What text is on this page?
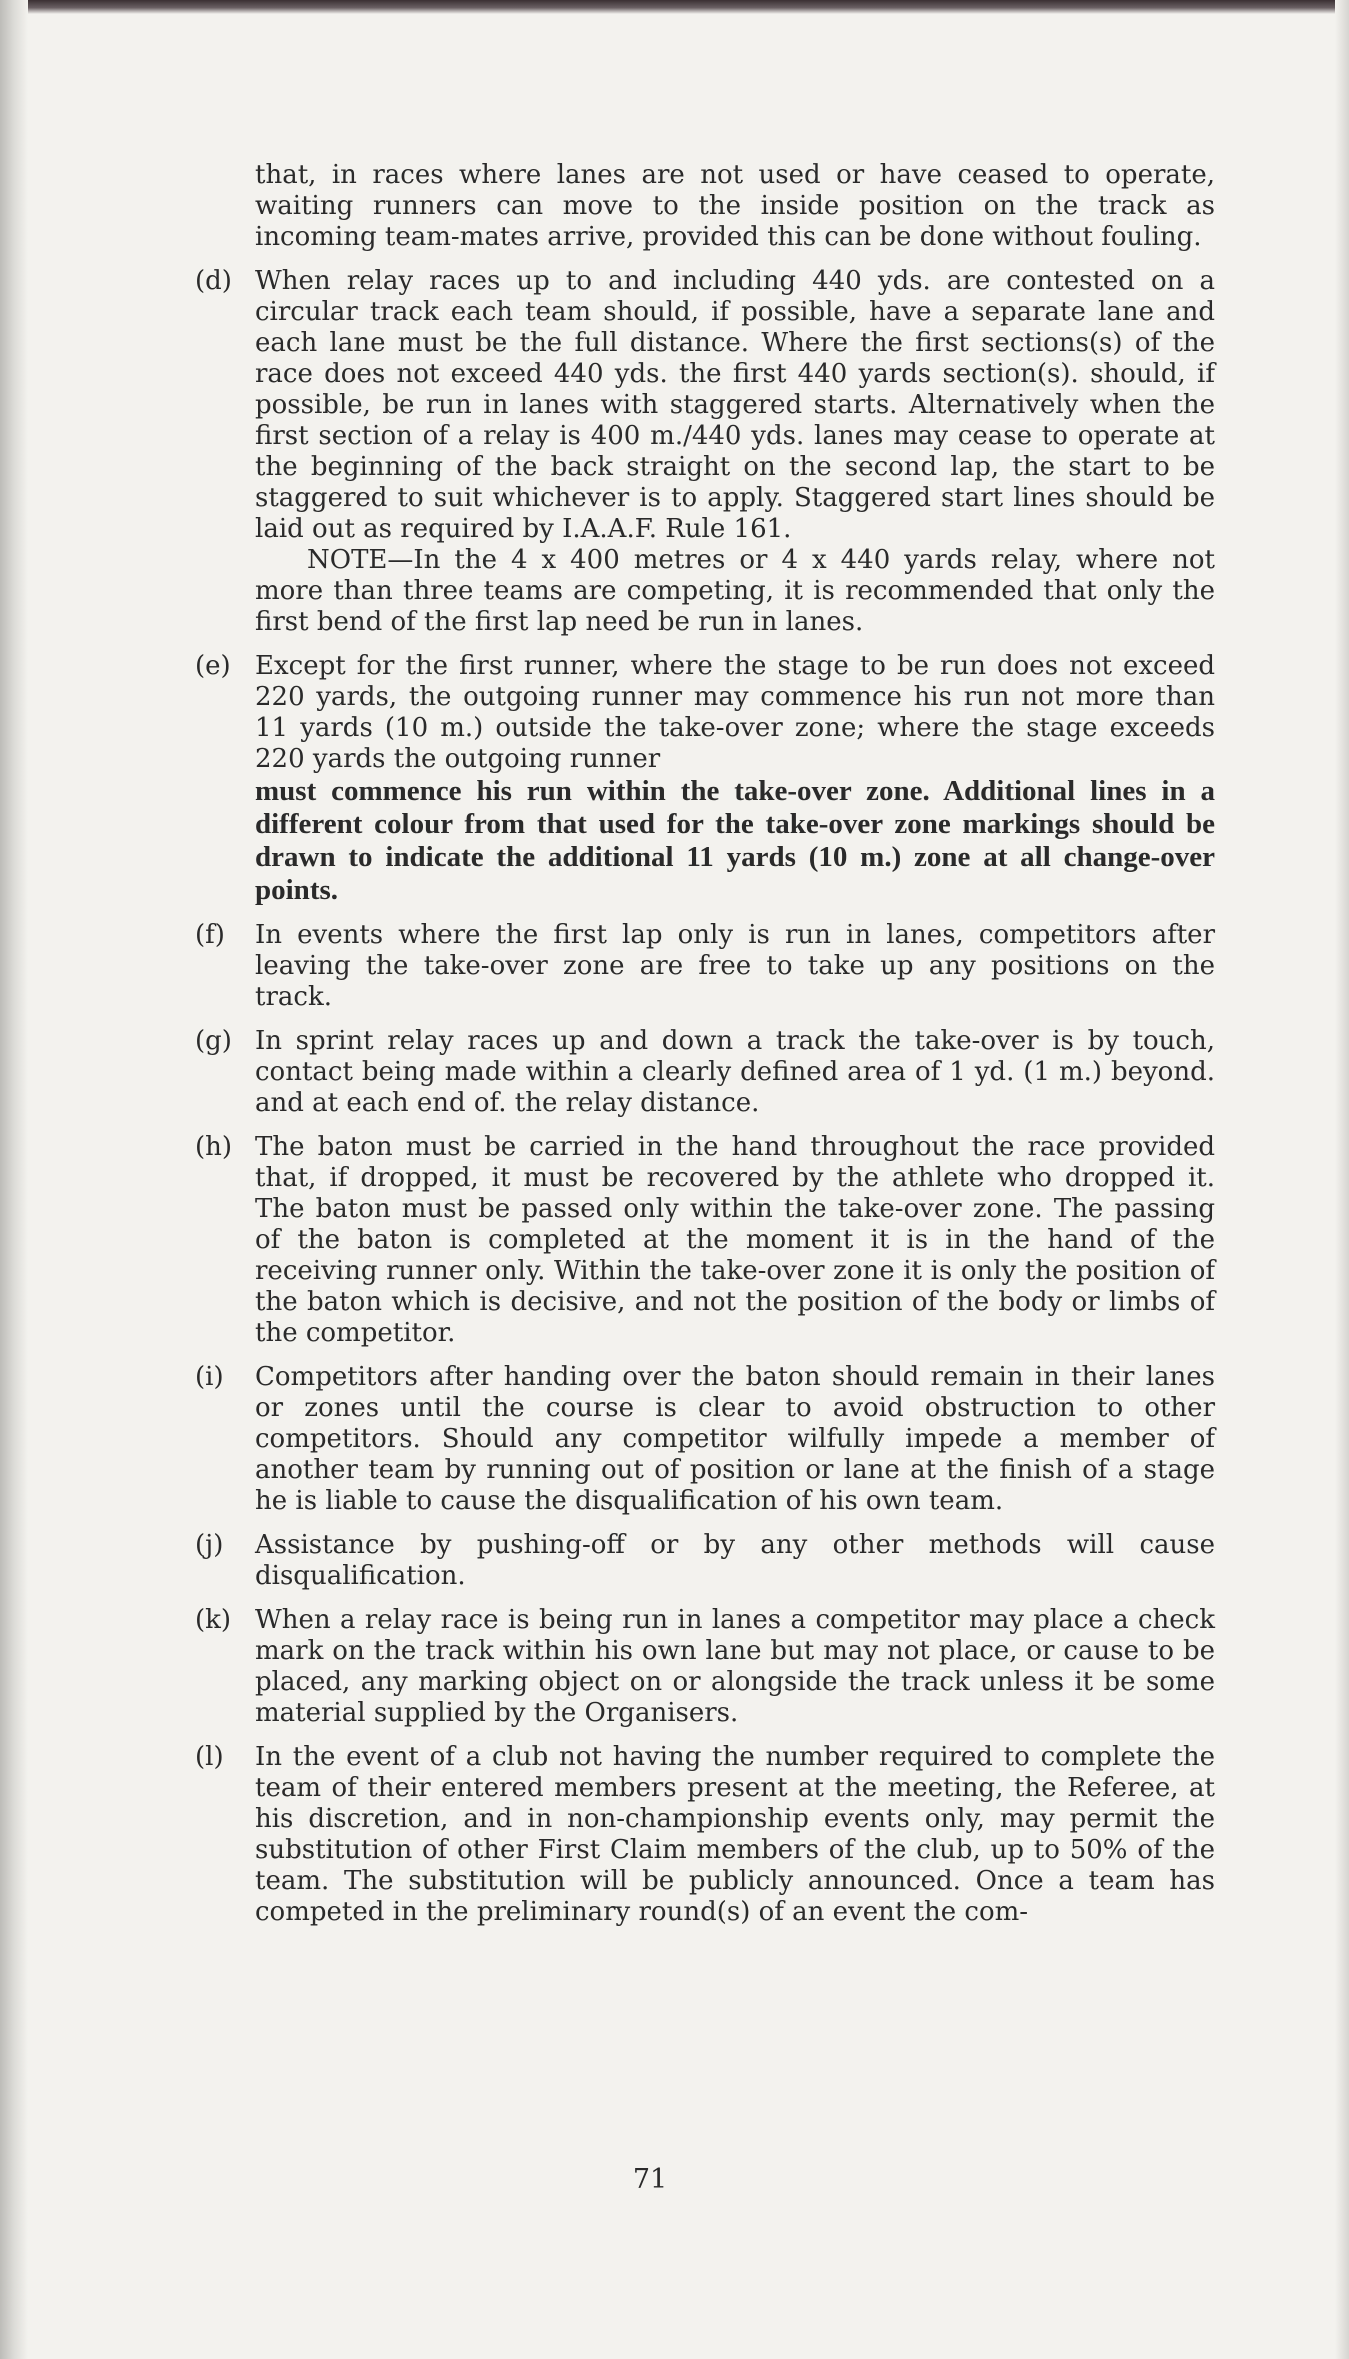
that, in races where lanes are not used or have ceased to operate, waiting runners can move to the inside position on the track as incoming team-mates arrive, provided this can be done without fouling.

(d) When relay races up to and including 440 yds. are contested on a circular track each team should, if possible, have a separate lane and each lane must be the full distance. Where the first sections(s) of the race does not exceed 440 yds. the first 440 yards section(s). should, if possible, be run in lanes with staggered starts. Alternatively when the first section of a relay is 400 m./440 yds. lanes may cease to operate at the beginning of the back straight on the second lap, the start to be staggered to suit whichever is to apply. Staggered start lines should be laid out as required by I.A.A.F. Rule 161.
NOTE—In the 4 x 400 metres or 4 x 440 yards relay, where not more than three teams are competing, it is recommended that only the first bend of the first lap need be run in lanes.
(e) Except for the first runner, where the stage to be run does not exceed 220 yards, the outgoing runner may commence his run not more than 11 yards (10 m.) outside the take-over zone; where the stage exceeds 220 yards the outgoing runner
must commence his run within the take-over zone. Additional lines in a different colour from that used for the take-over zone markings should be drawn to indicate the additional 11 yards (10 m.) zone at all change-over points.
(f)	In events where the first lap only is run in lanes, competitors after leaving the take-over zone are free to take up any positions on the track.
(g) In sprint relay races up and down a track the take-over is by touch, contact being made within a clearly defined area of 1 yd. (1 m.) beyond. and at each end of. the relay distance.
(h) The baton must be carried in the hand throughout the race provided that, if dropped, it must be recovered by the athlete who dropped it. The baton must be passed only within the take-over zone. The passing of the baton is completed at the moment it is in the hand of the receiving runner only. Within the take-over zone it is only the position of the baton which is decisive, and not the position of the body or limbs of the competitor.
(i)	Competitors after handing over the baton should remain in their lanes or zones until the course is clear to avoid obstruction to other competitors. Should any competitor wilfully impede a member of another team by running out of position or lane at the finish of a stage he is liable to cause the disqualification of his own team.
(j)	Assistance by pushing-off or by any other methods will cause disqualification.
(k) When a relay race is being run in lanes a competitor may place a check mark on the track within his own lane but may not place, or cause to be placed, any marking object on or alongside the track unless it be some material supplied by the Organisers.
(l)	In the event of a club not having the number required to complete the team of their entered members present at the meeting, the Referee, at his discretion, and in non-championship events only, may permit the substitution of other First Claim members of the club, up to 50% of the team. The substitution will be publicly announced. Once a team has competed in the preliminary round(s) of an event the com-
71
